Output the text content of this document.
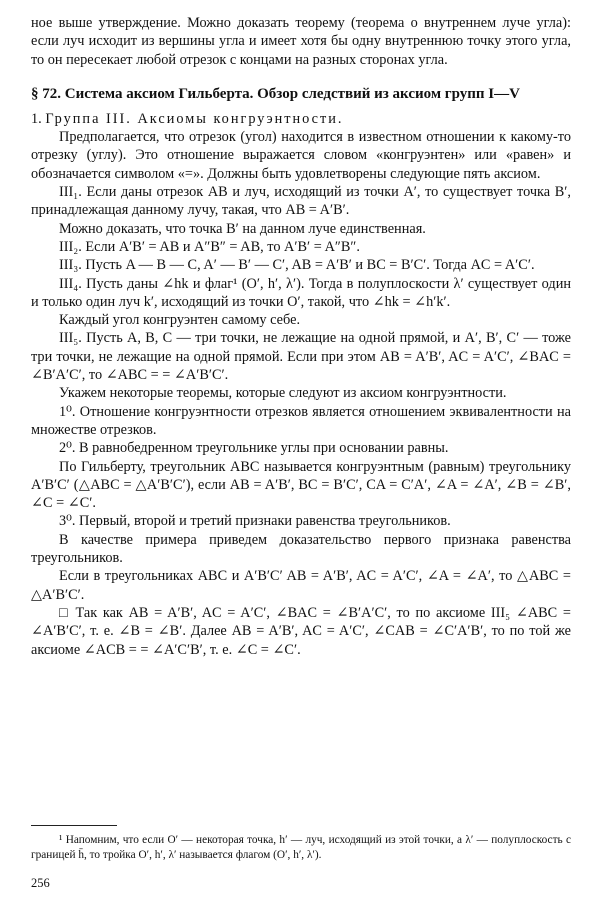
ное выше утверждение. Можно доказать теорему (теорема о внутреннем луче угла): если луч исходит из вершины угла и имеет хотя бы одну внутреннюю точку этого угла, то он пересекает любой отрезок с концами на разных сторонах угла.

§ 72. Система аксиом Гильберта. Обзор следствий из аксиом групп I—V

1. Группа III. Аксиомы конгруэнтности.

Предполагается, что отрезок (угол) находится в известном отношении к какому-то отрезку (углу). Это отношение выражается словом «конгруэнтен» или «равен» и обозначается символом «=». Должны быть удовлетворены следующие пять аксиом.

III₁. Если даны отрезок AB и луч, исходящий из точки A′, то существует точка B′, принадлежащая данному лучу, такая, что AB = A′B′.

Можно доказать, что точка B′ на данном луче единственная.

III₂. Если A′B′ = AB и A″B″ = AB, то A′B′ = A″B″.

III₃. Пусть A — B — C, A′ — B′ — C′, AB = A′B′ и BC = B′C′. Тогда AC = A′C′.

III₄. Пусть даны ∠hk и флаг¹ (O′, h′, λ′). Тогда в полуплоскости λ′ существует один и только один луч k′, исходящий из точки O′, такой, что ∠hk = ∠h′k′.

Каждый угол конгруэнтен самому себе.

III₅. Пусть A, B, C — три точки, не лежащие на одной прямой, и A′, B′, C′ — тоже три точки, не лежащие на одной прямой. Если при этом AB = A′B′, AC = A′C′, ∠BAC = ∠B′A′C′, то ∠ABC = = ∠A′B′C′.

Укажем некоторые теоремы, которые следуют из аксиом конгруэнтности.

1⁰. Отношение конгруэнтности отрезков является отношением эквивалентности на множестве отрезков.

2⁰. В равнобедренном треугольнике углы при основании равны.

По Гильберту, треугольник ABC называется конгруэнтным (равным) треугольнику A′B′C′ (△ABC = △A′B′C′), если AB = A′B′, BC = B′C′, CA = C′A′, ∠A = ∠A′, ∠B = ∠B′, ∠C = ∠C′.

3⁰. Первый, второй и третий признаки равенства треугольников.

В качестве примера приведем доказательство первого признака равенства треугольников.

Если в треугольниках ABC и A′B′C′ AB = A′B′, AC = A′C′, ∠A = ∠A′, то △ABC = △A′B′C′.

□ Так как AB = A′B′, AC = A′C′, ∠BAC = ∠B′A′C′, то по аксиоме III₅ ∠ABC = ∠A′B′C′, т. е. ∠B = ∠B′. Далее AB = A′B′, AC = A′C′, ∠CAB = ∠C′A′B′, то по той же аксиоме ∠ACB = = ∠A′C′B′, т. е. ∠C = ∠C′.

¹ Напомним, что если O′ — некоторая точка, h′ — луч, исходящий из этой точки, а λ′ — полуплоскость с границей h̄, то тройка O′, h′, λ′ называется флагом (O′, h′, λ′).

256
